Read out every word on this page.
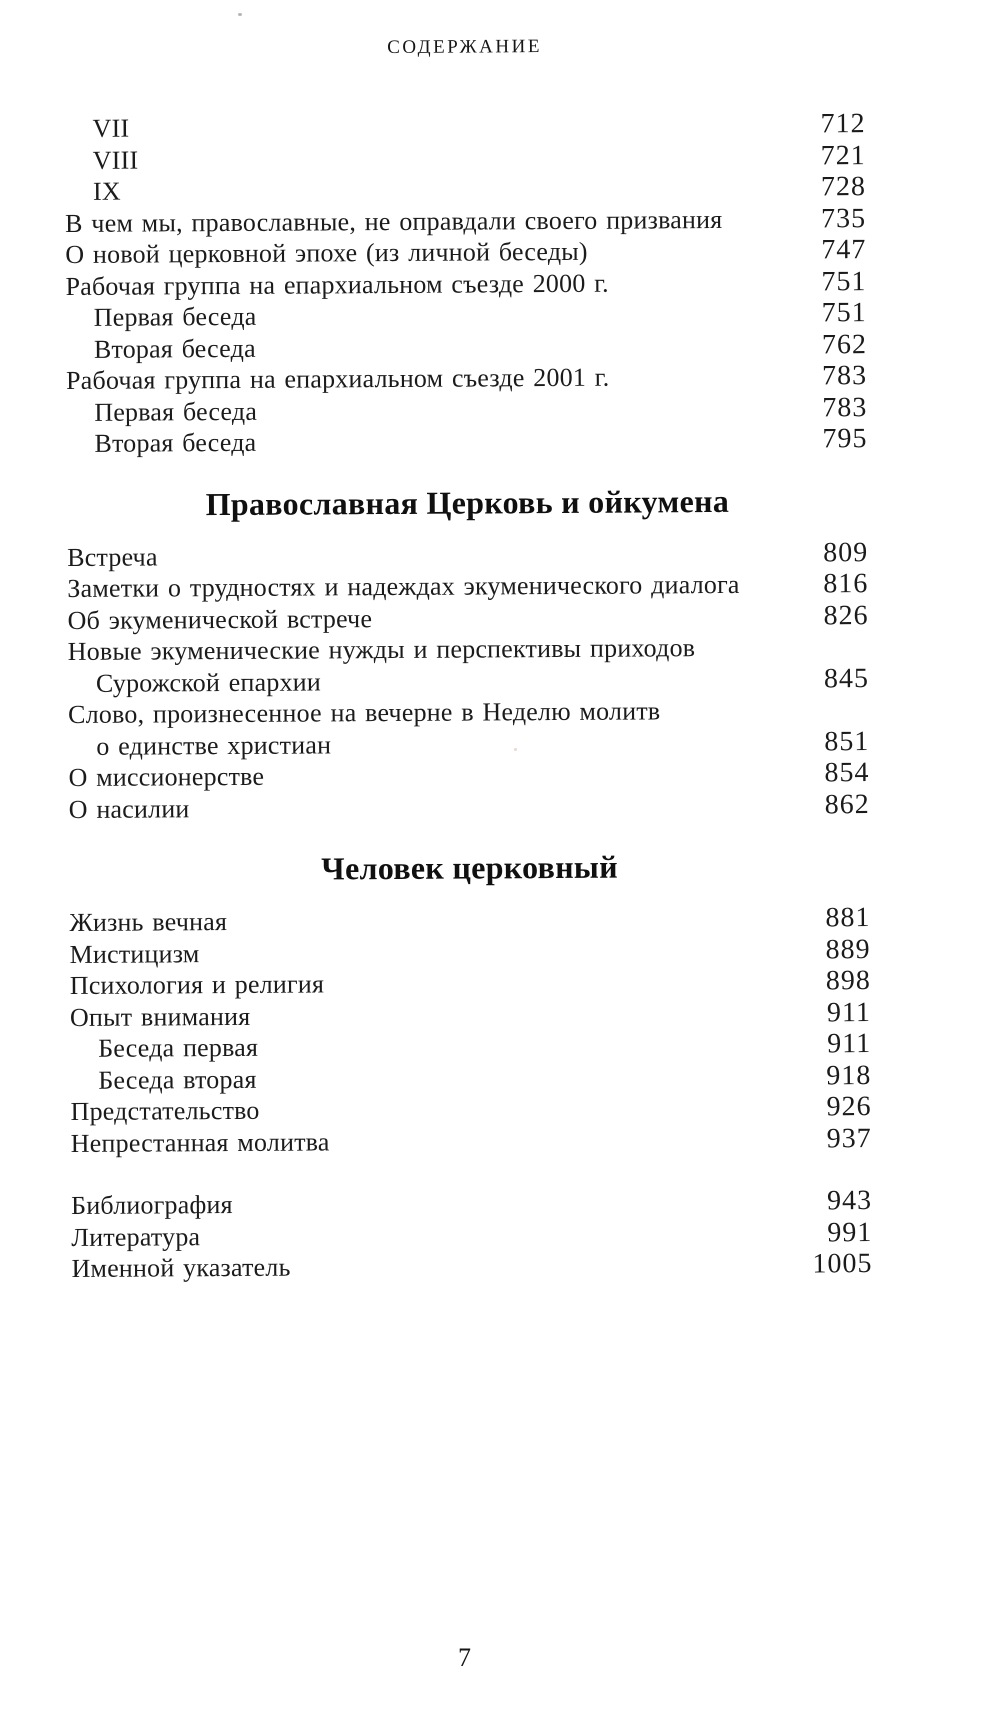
СОДЕРЖАНИЕ
VII	712
VIII	721
IX	728
В чем мы, православные, не оправдали своего призвания	735
О новой церковной эпохе (из личной беседы)	747
Рабочая группа на епархиальном съезде 2000 г.	751
Первая беседа	751
Вторая беседа	762
Рабочая группа на епархиальном съезде 2001 г.	783
Первая беседа	783
Вторая беседа	795
Православная Церковь и ойкумена
Встреча	809
Заметки о трудностях и надеждах экуменического диалога	816
Об экуменической встрече	826
Новые экуменические нужды и перспективы приходов
Сурожской епархии	845
Слово, произнесенное на вечерне в Неделю молитв
о единстве христиан	851
О миссионерстве	854
О насилии	862
Человек церковный
Жизнь вечная	881
Мистицизм	889
Психология и религия	898
Опыт внимания	911
Беседа первая	911
Беседа вторая	918
Предстательство	926
Непрестанная молитва	937
Библиография	943
Литература	991
Именной указатель	1005
7
